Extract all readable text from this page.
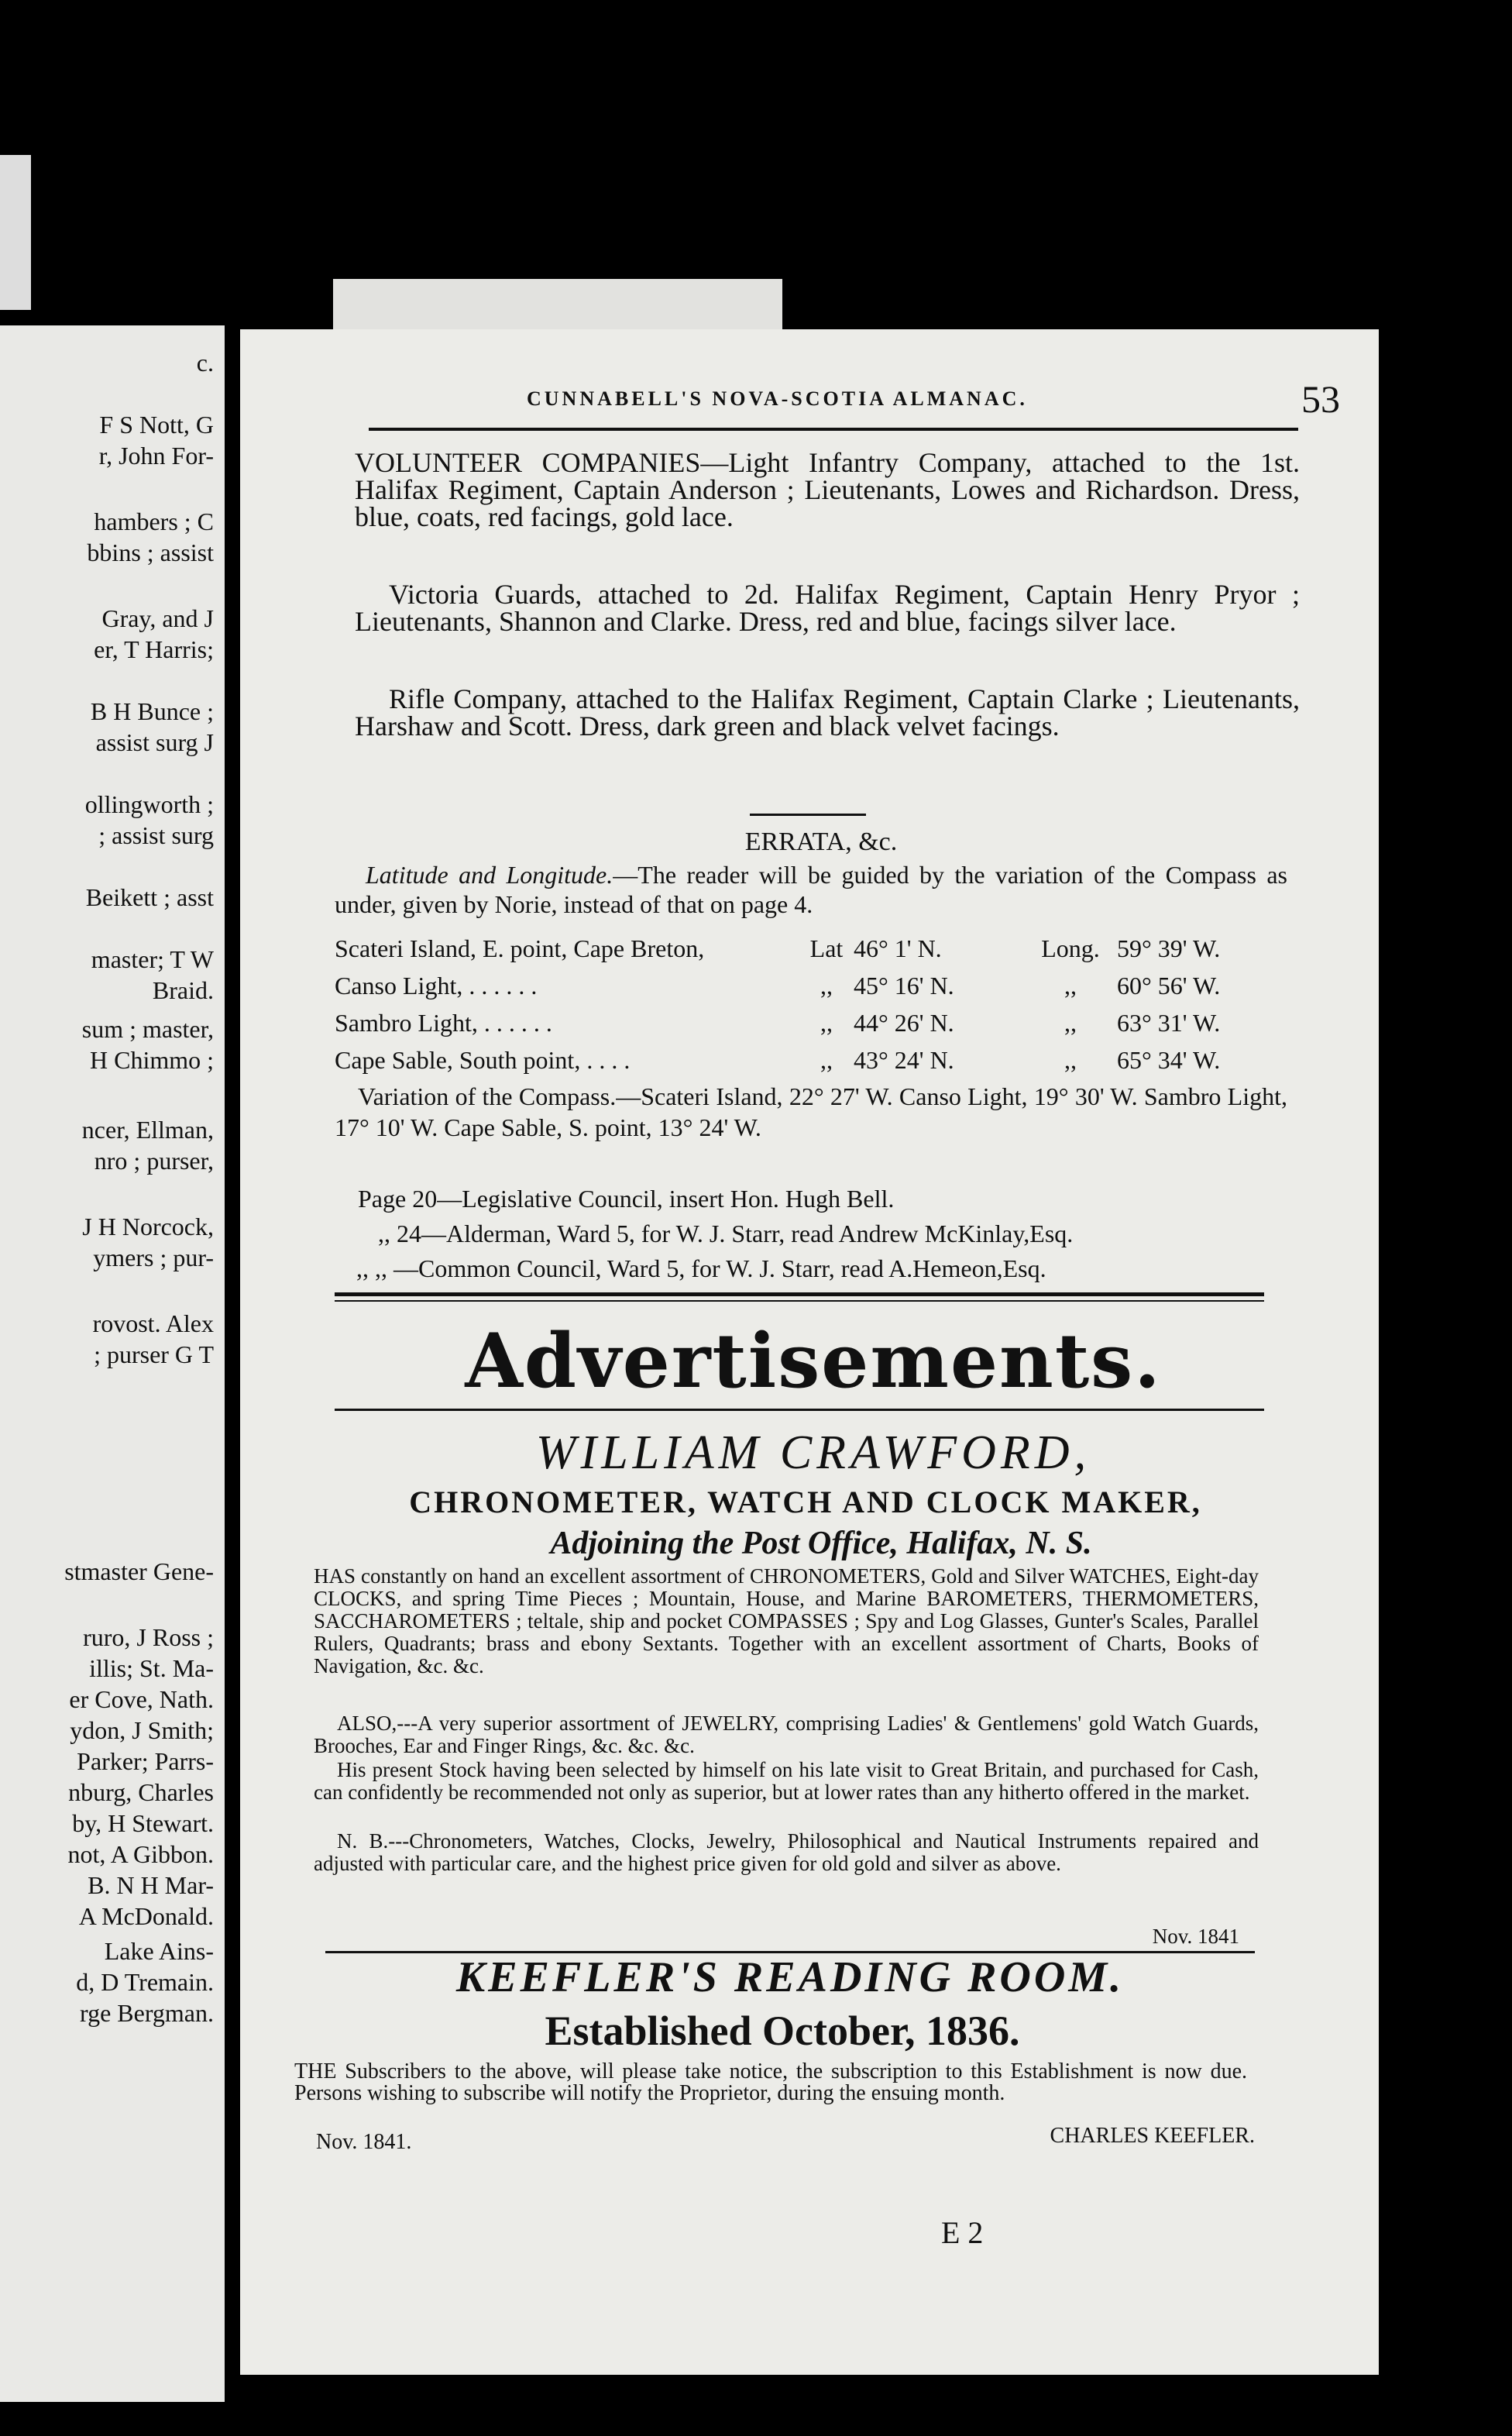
c.
F S Nott, G
r, John For-
hambers ; C
bbins ; assist
Gray, and J
er, T Harris;
B H Bunce ;
assist surg J
ollingworth ;
; assist surg
Beikett ; asst
master; T W
Braid.
sum ; master,
H Chimmo ;
ncer, Ellman,
nro ; purser,
J H Norcock,
ymers ; pur-
rovost. Alex
; purser G T
stmaster Gene-
ruro, J Ross ;
illis; St. Ma-
er Cove, Nath.
ydon, J Smith;
Parker; Parrs-
nburg, Charles
by, H Stewart.
not, A Gibbon.
B. N H Mar-
A McDonald.
Lake Ains-
d, D Tremain.
rge Bergman.
CUNNABELL'S NOVA-SCOTIA ALMANAC.	53
VOLUNTEER COMPANIES—Light Infantry Company, attached to the 1st. Halifax Regiment, Captain Anderson ; Lieutenants, Lowes and Richardson. Dress, blue, coats, red facings, gold lace.
Victoria Guards, attached to 2d. Halifax Regiment, Captain Henry Pryor ; Lieutenants, Shannon and Clarke. Dress, red and blue, facings silver lace.
Rifle Company, attached to the Halifax Regiment, Captain Clarke ; Lieutenants, Harshaw and Scott. Dress, dark green and black velvet facings.
ERRATA, &c.
Latitude and Longitude.—The reader will be guided by the variation of the Compass as under, given by Norie, instead of that on page 4.
Scateri Island, E. point, Cape Breton,	Lat	46° 1' N.	Long.	59° 39' W.
Canso Light, . . . . . .	,,	45° 16' N.	,,	60° 56' W.
Sambro Light, . . . . . .	,,	44° 26' N.	,,	63° 31' W.
Cape Sable, South point, . . . .	,,	43° 24' N.	,,	65° 34' W.
Variation of the Compass.—Scateri Island, 22° 27' W. Canso Light, 19° 30' W. Sambro Light, 17° 10' W. Cape Sable, S. point, 13° 24' W.
Page 20—Legislative Council, insert Hon. Hugh Bell.
,, 24—Alderman, Ward 5, for W. J. Starr, read Andrew McKinlay,Esq.
,, ,, —Common Council, Ward 5, for W. J. Starr, read A.Hemeon,Esq.
Advertisements.
WILLIAM CRAWFORD,
CHRONOMETER, WATCH AND CLOCK MAKER,
Adjoining the Post Office, Halifax, N. S.
HAS constantly on hand an excellent assortment of CHRONOMETERS, Gold and Silver WATCHES, Eight-day CLOCKS, and spring Time Pieces ; Mountain, House, and Marine BAROMETERS, THERMOMETERS, SACCHAROMETERS ; teltale, ship and pocket COMPASSES ; Spy and Log Glasses, Gunter's Scales, Parallel Rulers, Quadrants; brass and ebony Sextants. Together with an excellent assortment of Charts, Books of Navigation, &c. &c.
ALSO,---A very superior assortment of JEWELRY, comprising Ladies' & Gentlemens' gold Watch Guards, Brooches, Ear and Finger Rings, &c. &c. &c.
His present Stock having been selected by himself on his late visit to Great Britain, and purchased for Cash, can confidently be recommended not only as superior, but at lower rates than any hitherto offered in the market.
N. B.---Chronometers, Watches, Clocks, Jewelry, Philosophical and Nautical Instruments repaired and adjusted with particular care, and the highest price given for old gold and silver as above.
Nov. 1841
KEEFLER'S READING ROOM.
Established October, 1836.
THE Subscribers to the above, will please take notice, the subscription to this Establishment is now due. Persons wishing to subscribe will notify the Proprietor, during the ensuing month.
Nov. 1841.	CHARLES KEEFLER.
E 2
